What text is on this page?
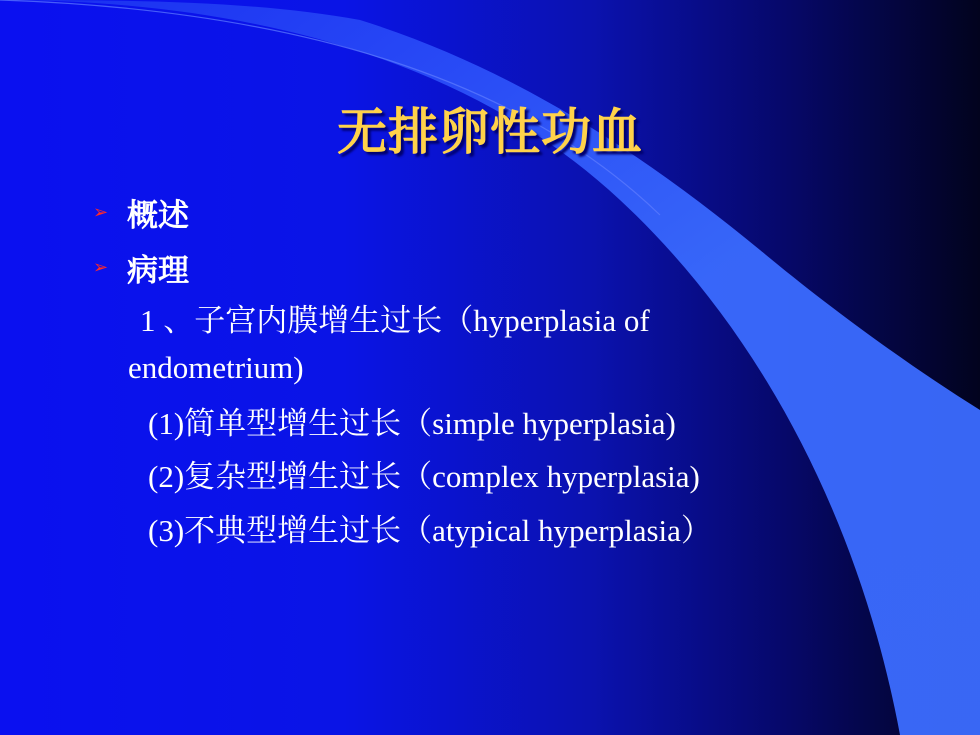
无排卵性功血
➢ 概述
➢ 病理
1 、子宫内膜增生过长（hyperplasia of
endometrium)
(1)简单型增生过长（simple hyperplasia)
(2)复杂型增生过长（complex hyperplasia)
(3)不典型增生过长（atypical hyperplasia）
